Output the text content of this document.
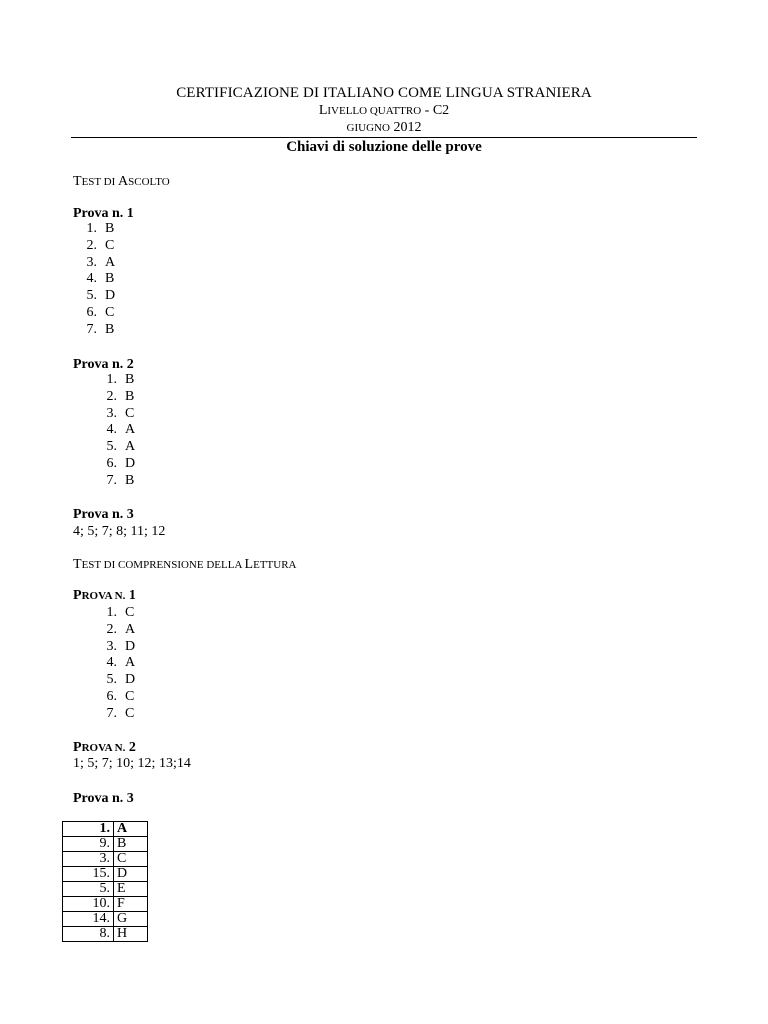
CERTIFICAZIONE DI ITALIANO COME LINGUA STRANIERA
LIVELLO QUATTRO - C2
GIUGNO 2012
Chiavi di soluzione delle prove
TEST DI ASCOLTO
Prova n. 1
1. B
2. C
3. A
4. B
5. D
6. C
7. B
Prova n. 2
1. B
2. B
3. C
4. A
5. A
6. D
7. B
Prova n. 3
4; 5; 7; 8; 11; 12
TEST DI COMPRENSIONE DELLA LETTURA
PROVA N. 1
1. C
2. A
3. D
4. A
5. D
6. C
7. C
PROVA N. 2
1; 5; 7; 10; 12; 13;14
Prova n. 3
1.	A
9.	B
3.	C
15.	D
5.	E
10.	F
14.	G
8.	H
